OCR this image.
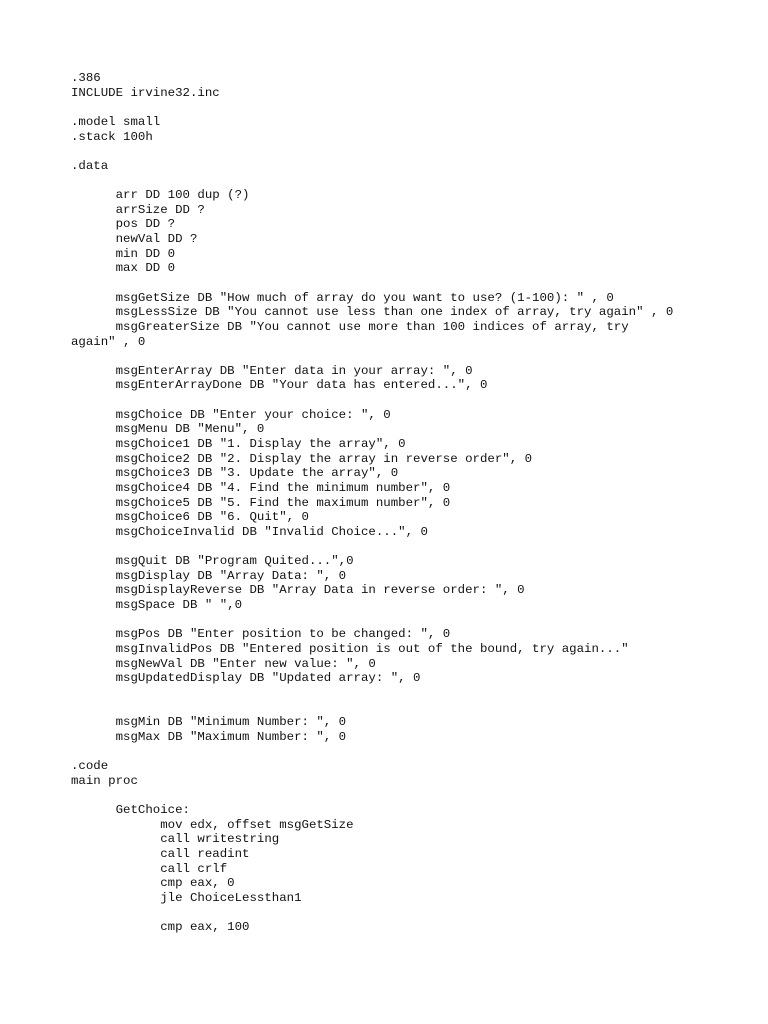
.386
INCLUDE irvine32.inc
.model small
.stack 100h
.data
arr DD 100 dup (?)
arrSize DD ?
pos DD ?
newVal DD ?
min DD 0
max DD 0
msgGetSize DB "How much of array do you want to use? (1-100): " , 0
msgLessSize DB "You cannot use less than one index of array, try again" , 0
msgGreaterSize DB "You cannot use more than 100 indices of array, try
again" , 0
msgEnterArray DB "Enter data in your array: ", 0
msgEnterArrayDone DB "Your data has entered...", 0
msgChoice DB "Enter your choice: ", 0
msgMenu DB "Menu", 0
msgChoice1 DB "1. Display the array", 0
msgChoice2 DB "2. Display the array in reverse order", 0
msgChoice3 DB "3. Update the array", 0
msgChoice4 DB "4. Find the minimum number", 0
msgChoice5 DB "5. Find the maximum number", 0
msgChoice6 DB "6. Quit", 0
msgChoiceInvalid DB "Invalid Choice...", 0
msgQuit DB "Program Quited...",0
msgDisplay DB "Array Data: ", 0
msgDisplayReverse DB "Array Data in reverse order: ", 0
msgSpace DB " ",0
msgPos DB "Enter position to be changed: ", 0
msgInvalidPos DB "Entered position is out of the bound, try again..."
msgNewVal DB "Enter new value: ", 0
msgUpdatedDisplay DB "Updated array: ", 0
msgMin DB "Minimum Number: ", 0
msgMax DB "Maximum Number: ", 0
.code
main proc
GetChoice:
mov edx, offset msgGetSize
call writestring
call readint
call crlf
cmp eax, 0
jle ChoiceLessthan1
cmp eax, 100
